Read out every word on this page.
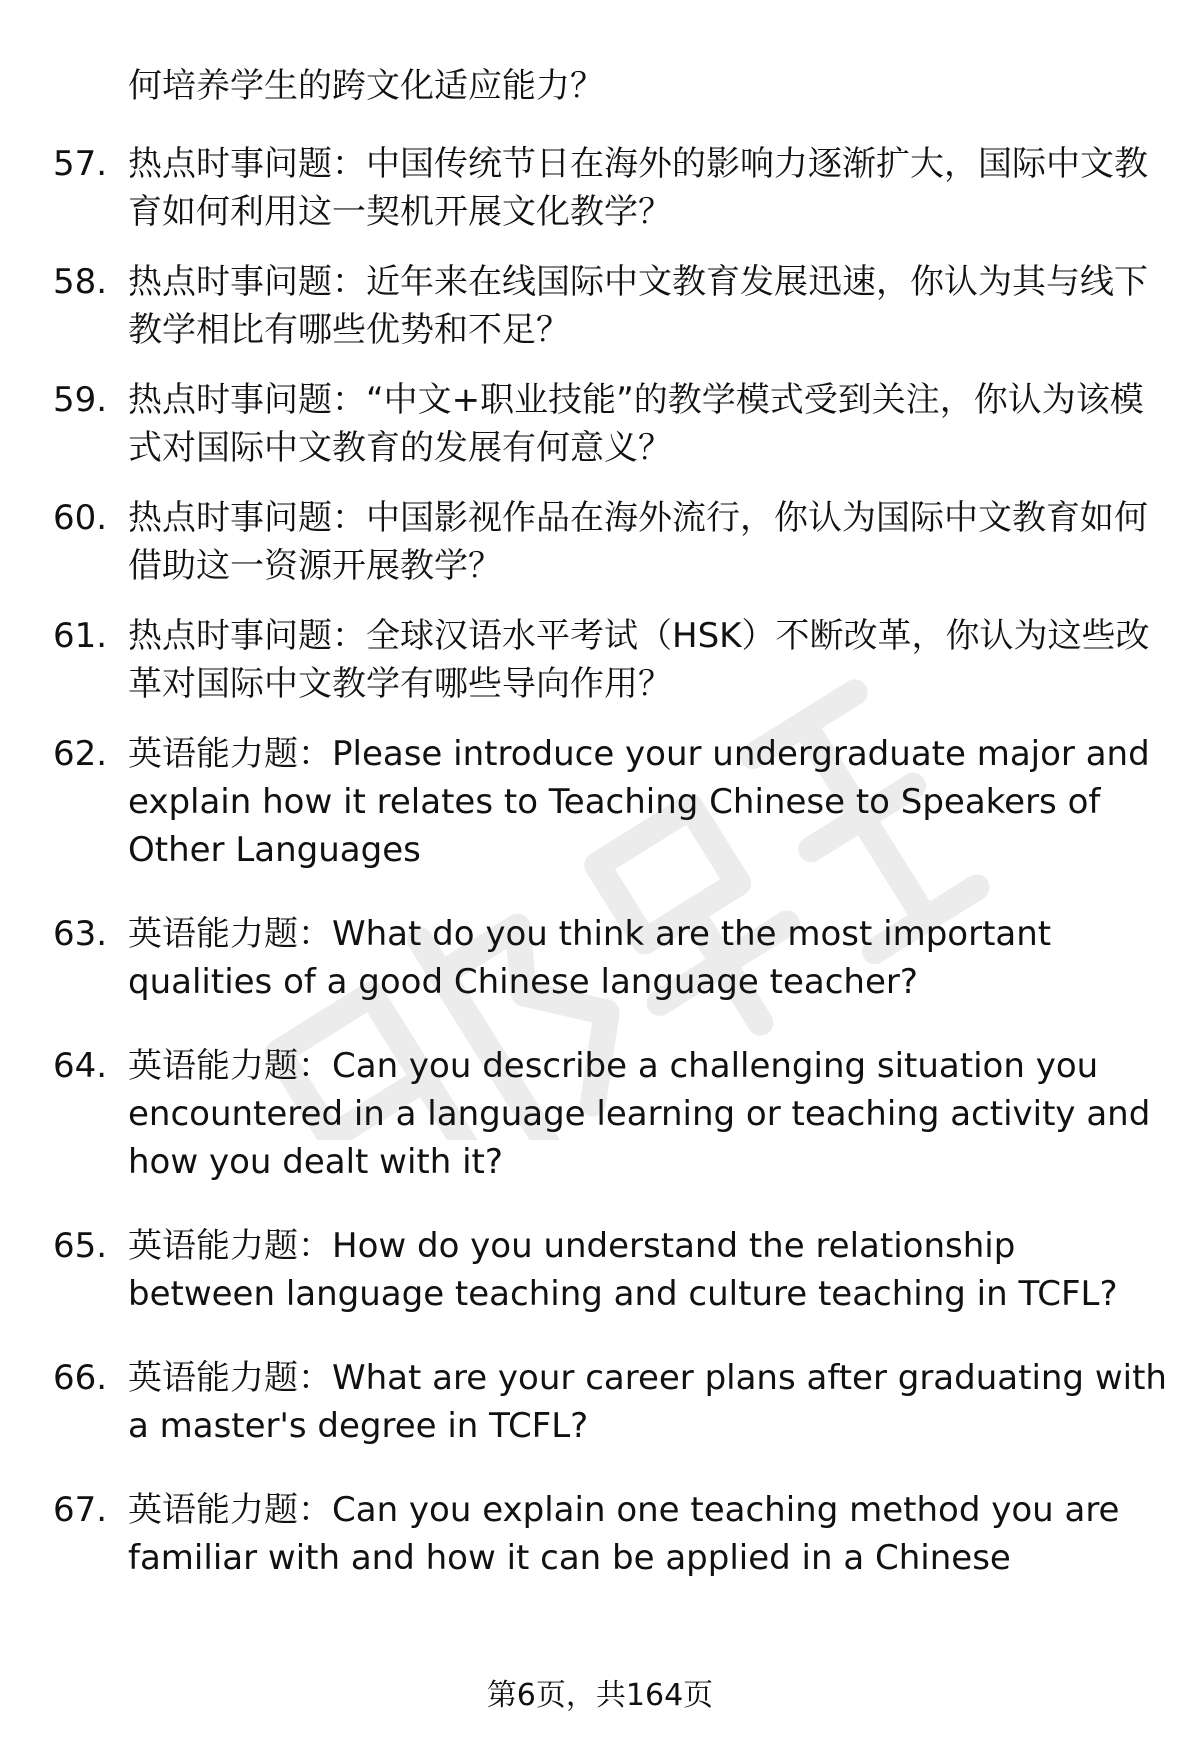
何培养学生的跨文化适应能力？
57. 热点时事问题：中国传统节日在海外的影响力逐渐扩大，国际中文教育如何利用这一契机开展文化教学？
58. 热点时事问题：近年来在线国际中文教育发展迅速，你认为其与线下教学相比有哪些优势和不足？
59. 热点时事问题：“中文+职业技能”的教学模式受到关注，你认为该模式对国际中文教育的发展有何意义？
60. 热点时事问题：中国影视作品在海外流行，你认为国际中文教育如何借助这一资源开展教学？
61. 热点时事问题：全球汉语水平考试（HSK）不断改革，你认为这些改革对国际中文教学有哪些导向作用？
62. 英语能力题：Please introduce your undergraduate major and explain how it relates to Teaching Chinese to Speakers of Other Languages
63. 英语能力题：What do you think are the most important qualities of a good Chinese language teacher?
64. 英语能力题：Can you describe a challenging situation you encountered in a language learning or teaching activity and how you dealt with it?
65. 英语能力题：How do you understand the relationship between language teaching and culture teaching in TCFL?
66. 英语能力题：What are your career plans after graduating with a master's degree in TCFL?
67. 英语能力题：Can you explain one teaching method you are familiar with and how it can be applied in a Chinese
第6页，共164页
